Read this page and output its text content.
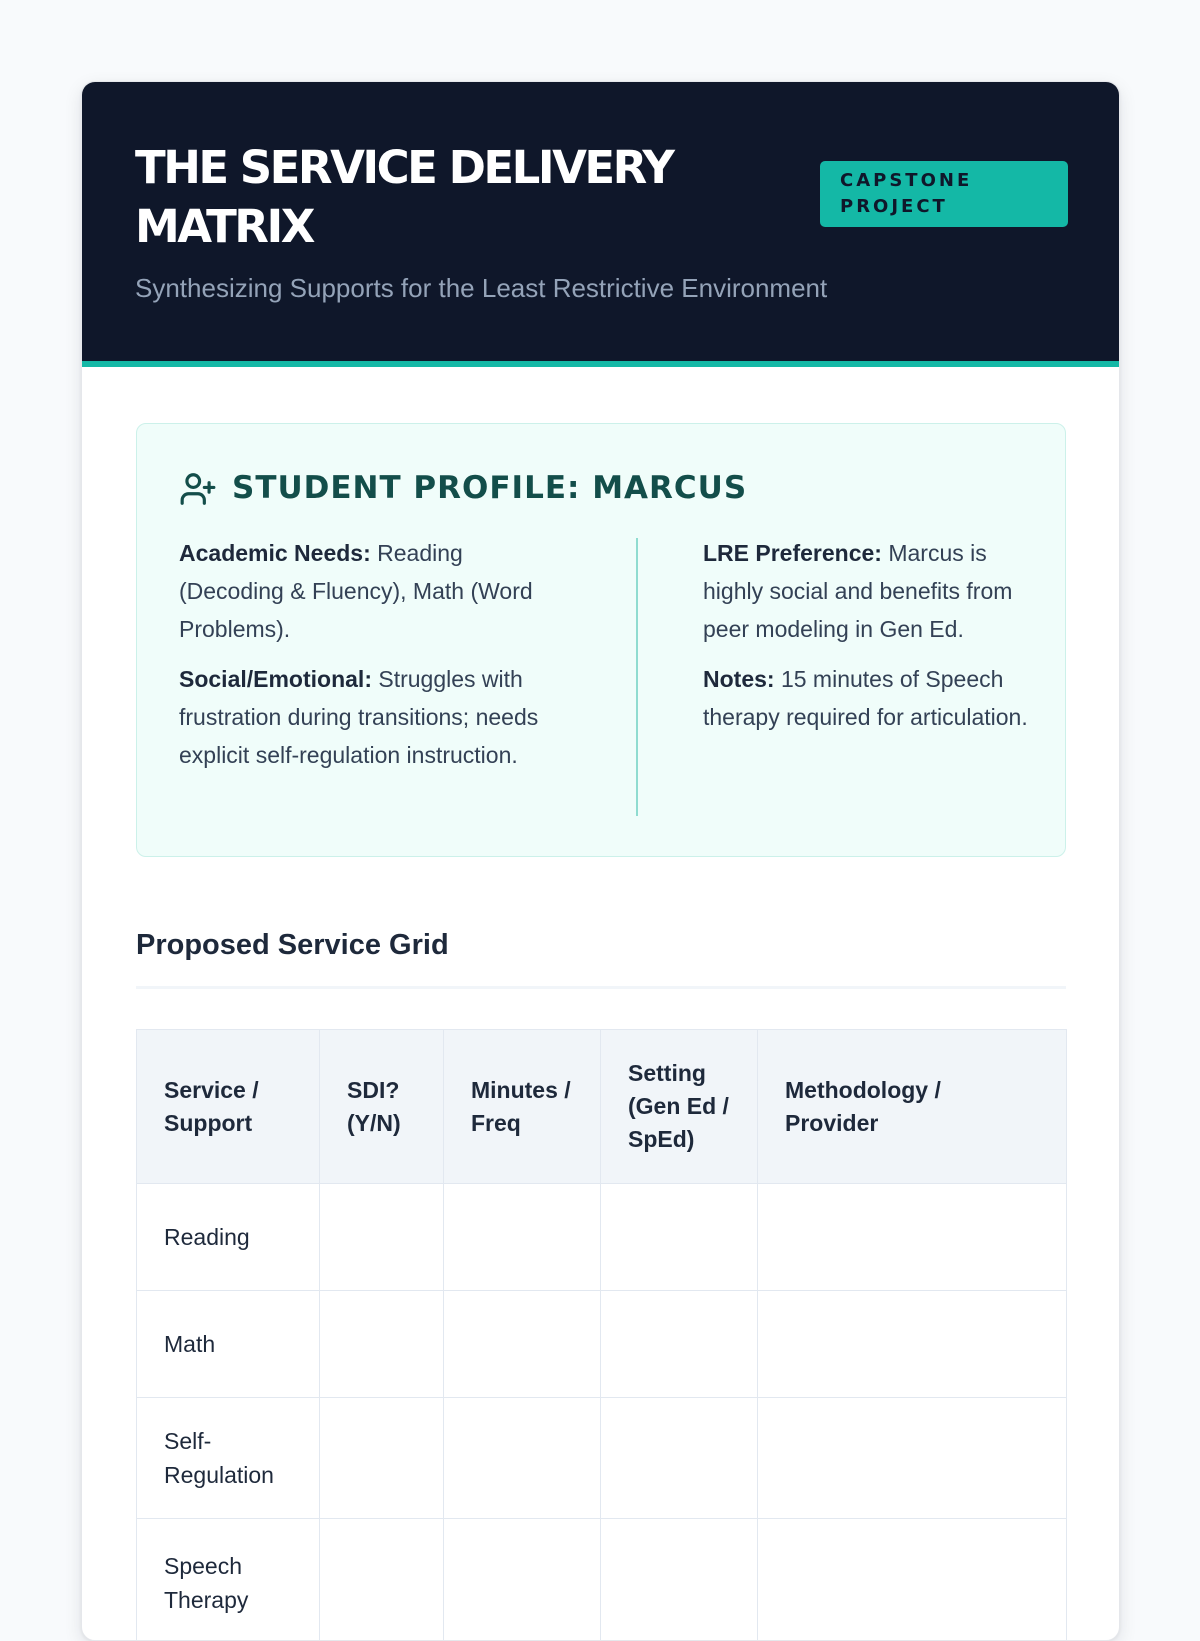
THE SERVICE DELIVERY MATRIX
CAPSTONE PROJECT

Synthesizing Supports for the Least Restrictive Environment

STUDENT PROFILE: MARCUS

Academic Needs: Reading (Decoding & Fluency), Math (Word Problems).

Social/Emotional: Struggles with frustration during transitions; needs explicit self-regulation instruction.

LRE Preference: Marcus is highly social and benefits from peer modeling in Gen Ed.

Notes: 15 minutes of Speech therapy required for articulation.

Proposed Service Grid
Service / Support	SDI? (Y/N)	Minutes / Freq	Setting (Gen Ed / SpEd)	Methodology / Provider
Reading				
Math				
Self-Regulation				
Speech Therapy				
